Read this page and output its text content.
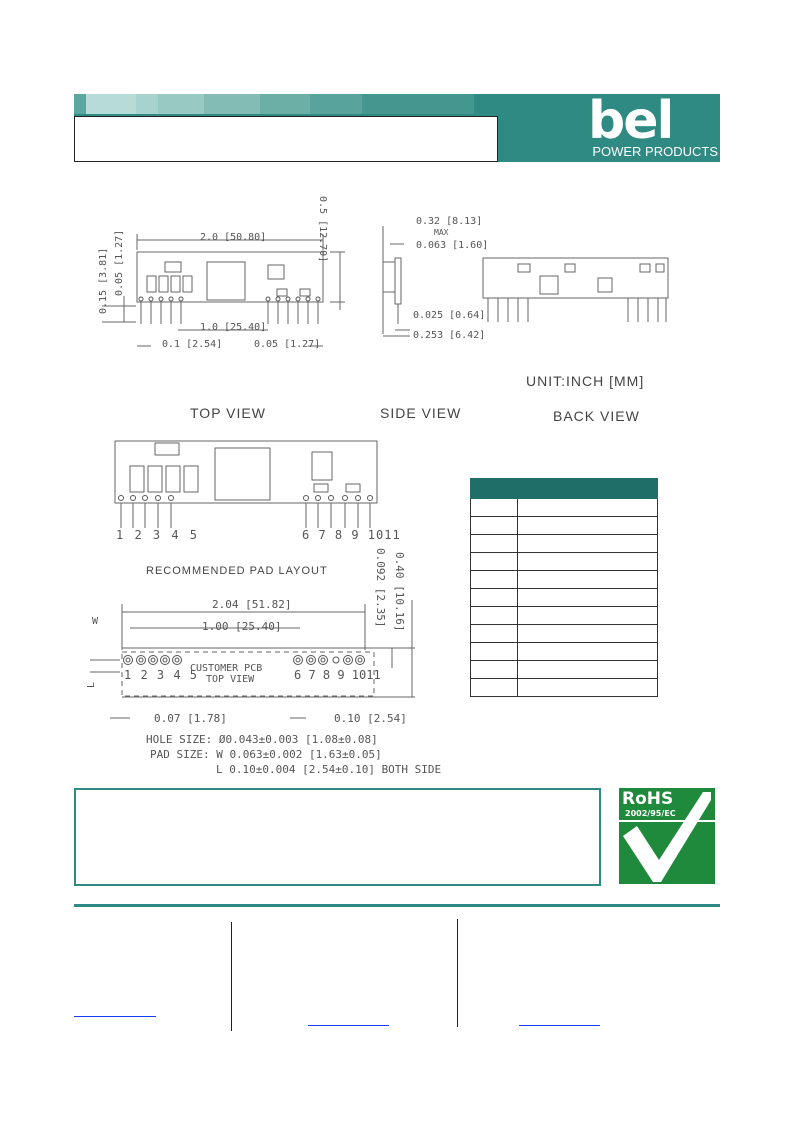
bel
POWER PRODUCTS
2.0 [50.80]	0.5 [12.70]
0.15 [3.81] 0.05 [1.27]
1.0 [25.40]
0.1 [2.54]	0.05 [1.27]
0.32 [8.13]
MAX
0.063 [1.60]
0.025 [0.64]
0.253 [6.42]
UNIT:INCH [MM]
TOP VIEW	SIDE VIEW	BACK VIEW
1 2 3 4 5	6 7 8 9 1011
RECOMMENDED PAD LAYOUT
2.04 [51.82]
1.00 [25.40]
W
L
0.092 [2.35] 0.40 [10.16]
CUSTOMER PCB
TOP VIEW
1 2 3 4 5	6 7 8 9 1011
0.07 [1.78]	0.10 [2.54]
HOLE SIZE: Ø0.043±0.003 [1.08±0.08]
PAD SIZE: W 0.063±0.002 [1.63±0.05]
L 0.10±0.004 [2.54±0.10] BOTH SIDE

RoHS
2002/95/EC
